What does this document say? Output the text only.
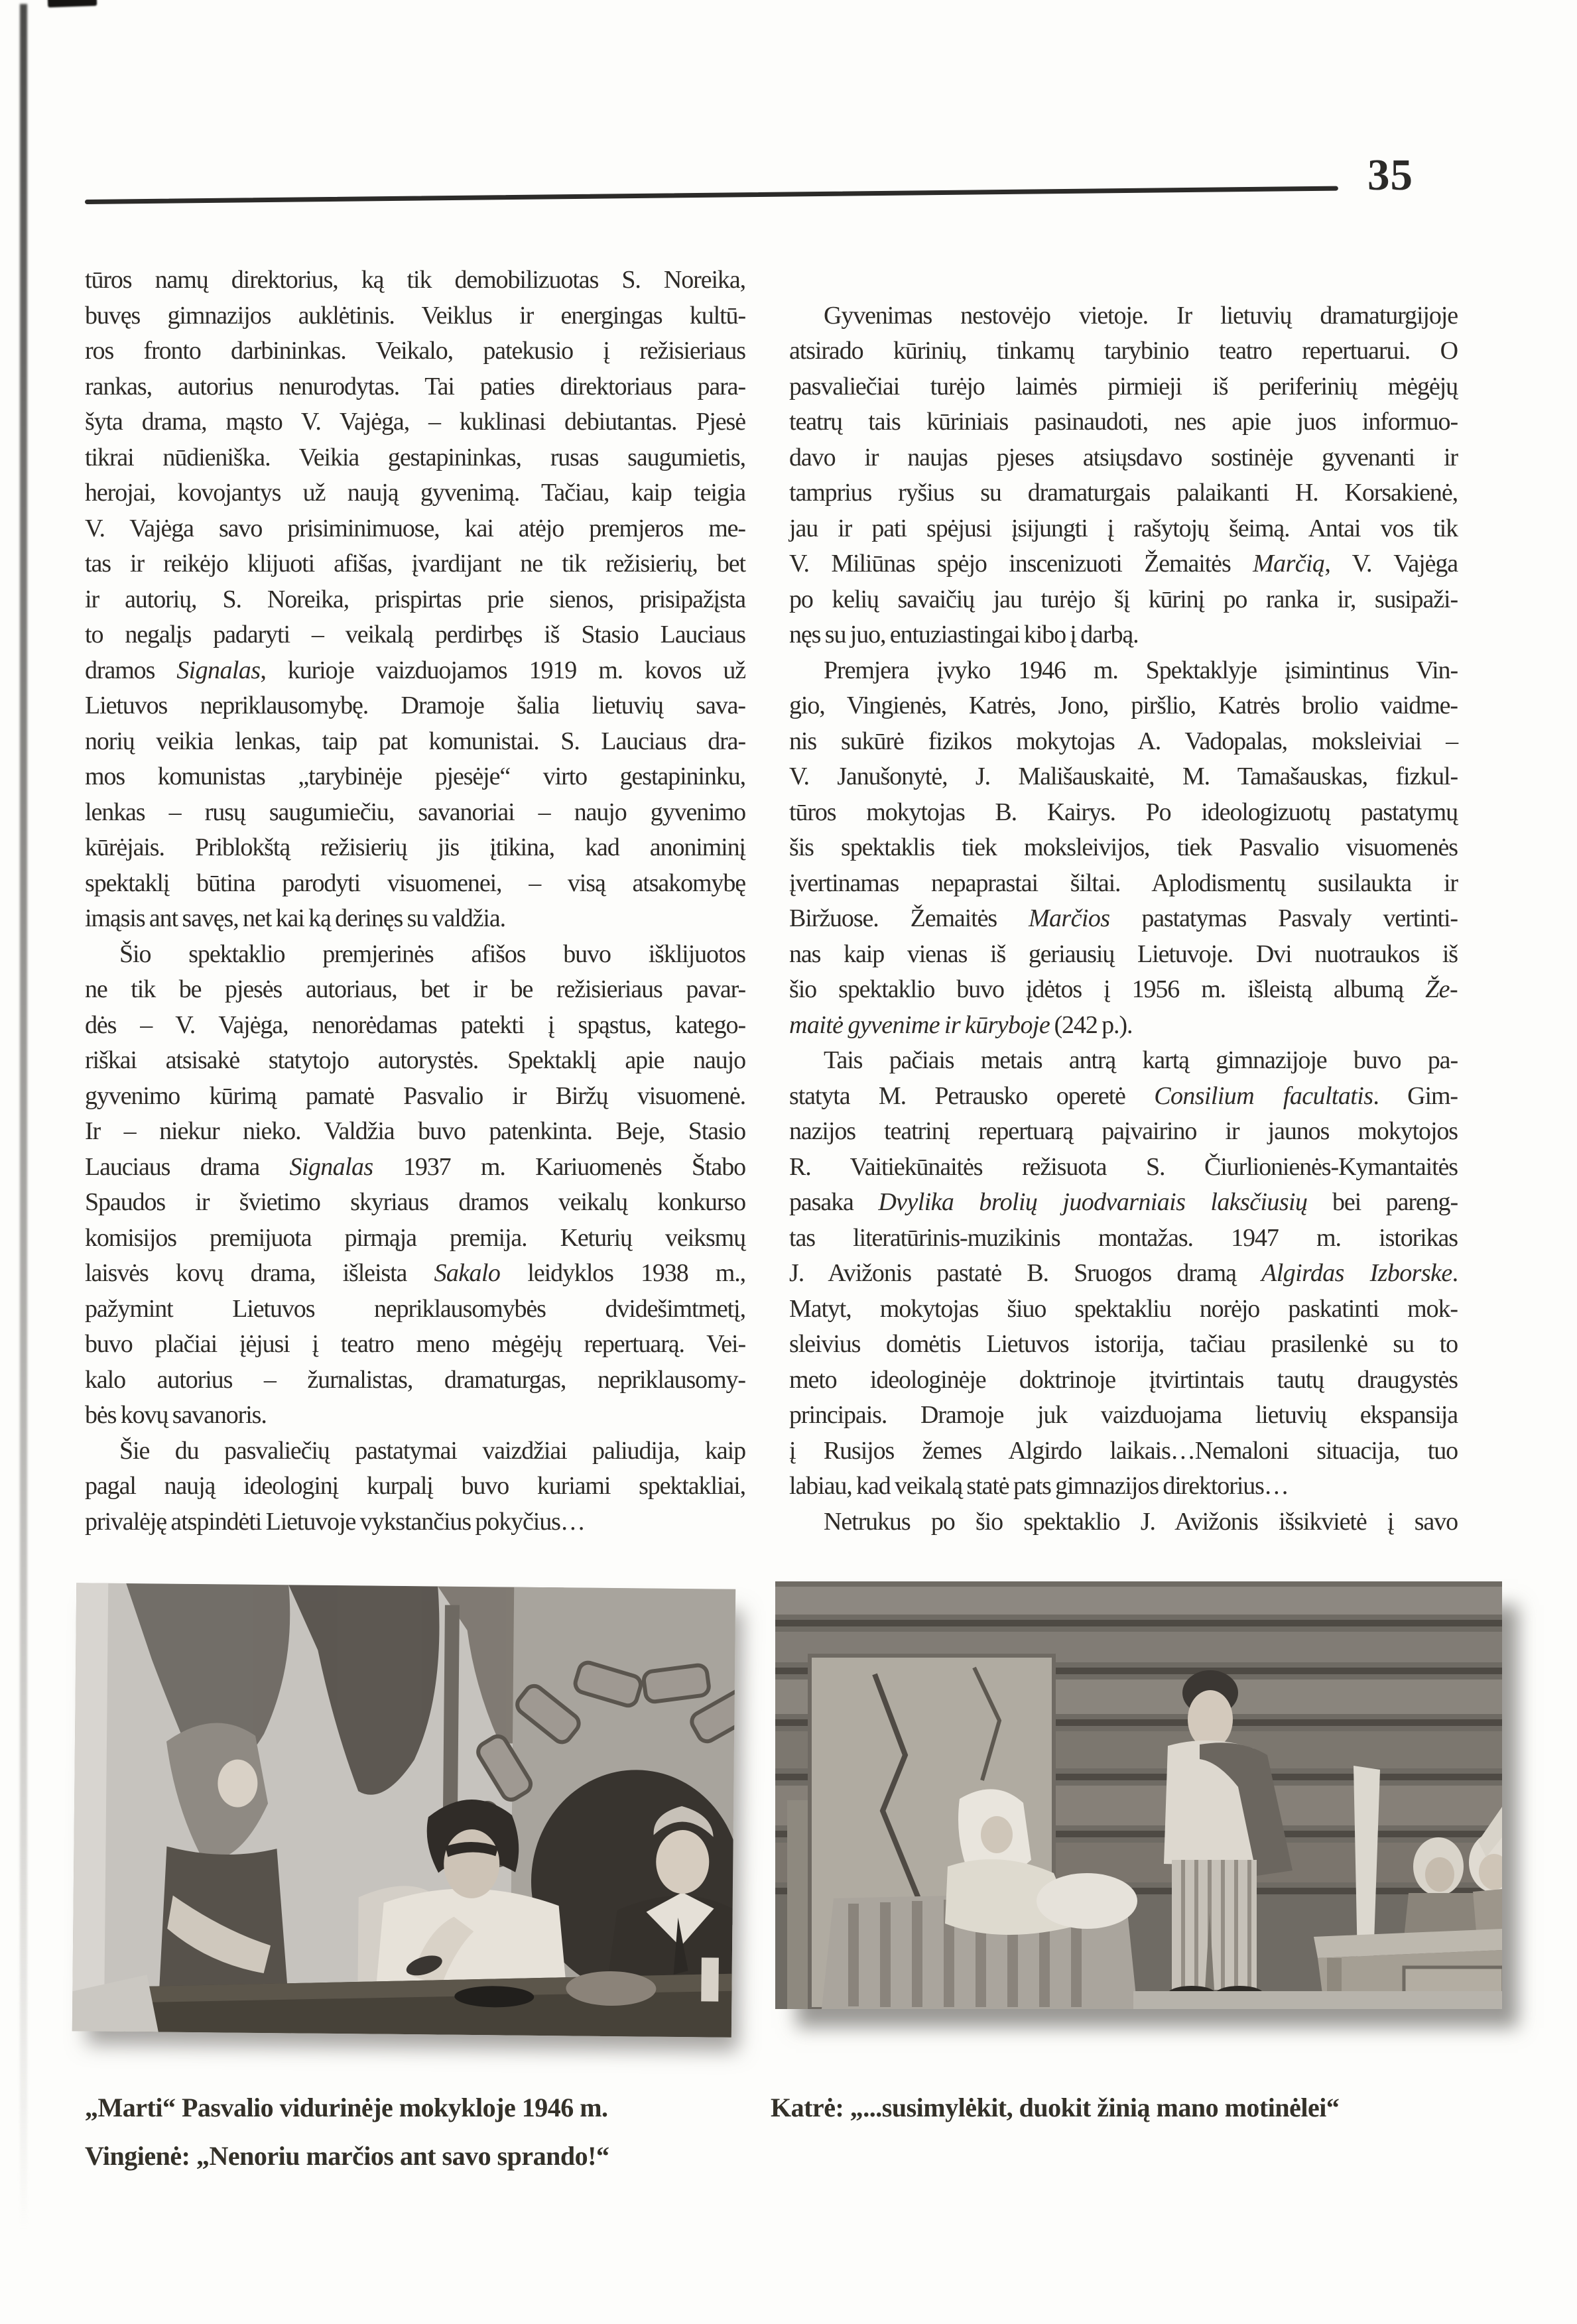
35
tūros namų direktorius, ką tik demobilizuotas S. Noreika,
buvęs gimnazijos auklėtinis. Veiklus ir energingas kultū-
ros fronto darbininkas. Veikalo, patekusio į režisieriaus
rankas, autorius nenurodytas. Tai paties direktoriaus para-
šyta drama, mąsto V. Vajėga, – kuklinasi debiutantas. Pjesė
tikrai nūdieniška. Veikia gestapininkas, rusas saugumietis,
herojai, kovojantys už naują gyvenimą. Tačiau, kaip teigia
V. Vajėga savo prisiminimuose, kai atėjo premjeros me-
tas ir reikėjo klijuoti afišas, įvardijant ne tik režisierių, bet
ir autorių, S. Noreika, prispirtas prie sienos, prisipažįsta
to negalįs padaryti – veikalą perdirbęs iš Stasio Lauciaus
dramos Signalas, kurioje vaizduojamos 1919 m. kovos už
Lietuvos nepriklausomybę. Dramoje šalia lietuvių sava-
norių veikia lenkas, taip pat komunistai. S. Lauciaus dra-
mos komunistas „tarybinėje pjesėje“ virto gestapininku,
lenkas – rusų saugumiečiu, savanoriai – naujo gyvenimo
kūrėjais. Priblokštą režisierių jis įtikina, kad anoniminį
spektaklį būtina parodyti visuomenei, – visą atsakomybę
imąsis ant savęs, net kai ką derinęs su valdžia.
Šio spektaklio premjerinės afišos buvo išklijuotos
ne tik be pjesės autoriaus, bet ir be režisieriaus pavar-
dės – V. Vajėga, nenorėdamas patekti į spąstus, katego-
riškai atsisakė statytojo autorystės. Spektaklį apie naujo
gyvenimo kūrimą pamatė Pasvalio ir Biržų visuomenė.
Ir – niekur nieko. Valdžia buvo patenkinta. Beje, Stasio
Lauciaus drama Signalas 1937 m. Kariuomenės Štabo
Spaudos ir švietimo skyriaus dramos veikalų konkurso
komisijos premijuota pirmąja premija. Keturių veiksmų
laisvės kovų drama, išleista Sakalo leidyklos 1938 m.,
pažymint Lietuvos nepriklausomybės dvidešimtmetį,
buvo plačiai įėjusi į teatro meno mėgėjų repertuarą. Vei-
kalo autorius – žurnalistas, dramaturgas, nepriklausomy-
bės kovų savanoris.
Šie du pasvaliečių pastatymai vaizdžiai paliudija, kaip
pagal naują ideologinį kurpalį buvo kuriami spektakliai,
privalėję atspindėti Lietuvoje vykstančius pokyčius…
Gyvenimas nestovėjo vietoje. Ir lietuvių dramaturgijoje
atsirado kūrinių, tinkamų tarybinio teatro repertuarui. O
pasvaliečiai turėjo laimės pirmieji iš periferinių mėgėjų
teatrų tais kūriniais pasinaudoti, nes apie juos informuo-
davo ir naujas pjeses atsiųsdavo sostinėje gyvenanti ir
tamprius ryšius su dramaturgais palaikanti H. Korsakienė,
jau ir pati spėjusi įsijungti į rašytojų šeimą. Antai vos tik
V. Miliūnas spėjo inscenizuoti Žemaitės Marčią, V. Vajėga
po kelių savaičių jau turėjo šį kūrinį po ranka ir, susipaži-
nęs su juo, entuziastingai kibo į darbą.
Premjera įvyko 1946 m. Spektaklyje įsimintinus Vin-
gio, Vingienės, Katrės, Jono, piršlio, Katrės brolio vaidme-
nis sukūrė fizikos mokytojas A. Vadopalas, moksleiviai –
V. Janušonytė, J. Mališauskaitė, M. Tamašauskas, fizkul-
tūros mokytojas B. Kairys. Po ideologizuotų pastatymų
šis spektaklis tiek moksleivijos, tiek Pasvalio visuomenės
įvertinamas nepaprastai šiltai. Aplodismentų susilaukta ir
Biržuose. Žemaitės Marčios pastatymas Pasvaly vertinti-
nas kaip vienas iš geriausių Lietuvoje. Dvi nuotraukos iš
šio spektaklio buvo įdėtos į 1956 m. išleistą albumą Že-
maitė gyvenime ir kūryboje (242 p.).
Tais pačiais metais antrą kartą gimnazijoje buvo pa-
statyta M. Petrausko operetė Consilium facultatis. Gim-
nazijos teatrinį repertuarą paįvairino ir jaunos mokytojos
R. Vaitiekūnaitės režisuota S. Čiurlionienės-Kymantaitės
pasaka Dvylika brolių juodvarniais laksčiusių bei pareng-
tas literatūrinis-muzikinis montažas. 1947 m. istorikas
J. Avižonis pastatė B. Sruogos dramą Algirdas Izborske.
Matyt, mokytojas šiuo spektakliu norėjo paskatinti mok-
sleivius domėtis Lietuvos istorija, tačiau prasilenkė su to
meto ideologinėje doktrinoje įtvirtintais tautų draugystės
principais. Dramoje juk vaizduojama lietuvių ekspansija
į Rusijos žemes Algirdo laikais…Nemaloni situacija, tuo
labiau, kad veikalą statė pats gimnazijos direktorius…
Netrukus po šio spektaklio J. Avižonis išsikvietė į savo
„Marti“ Pasvalio vidurinėje mokykloje 1946 m.
Vingienė: „Nenoriu marčios ant savo sprando!“
Katrė: „...susimylėkit, duokit žinią mano motinėlei“
